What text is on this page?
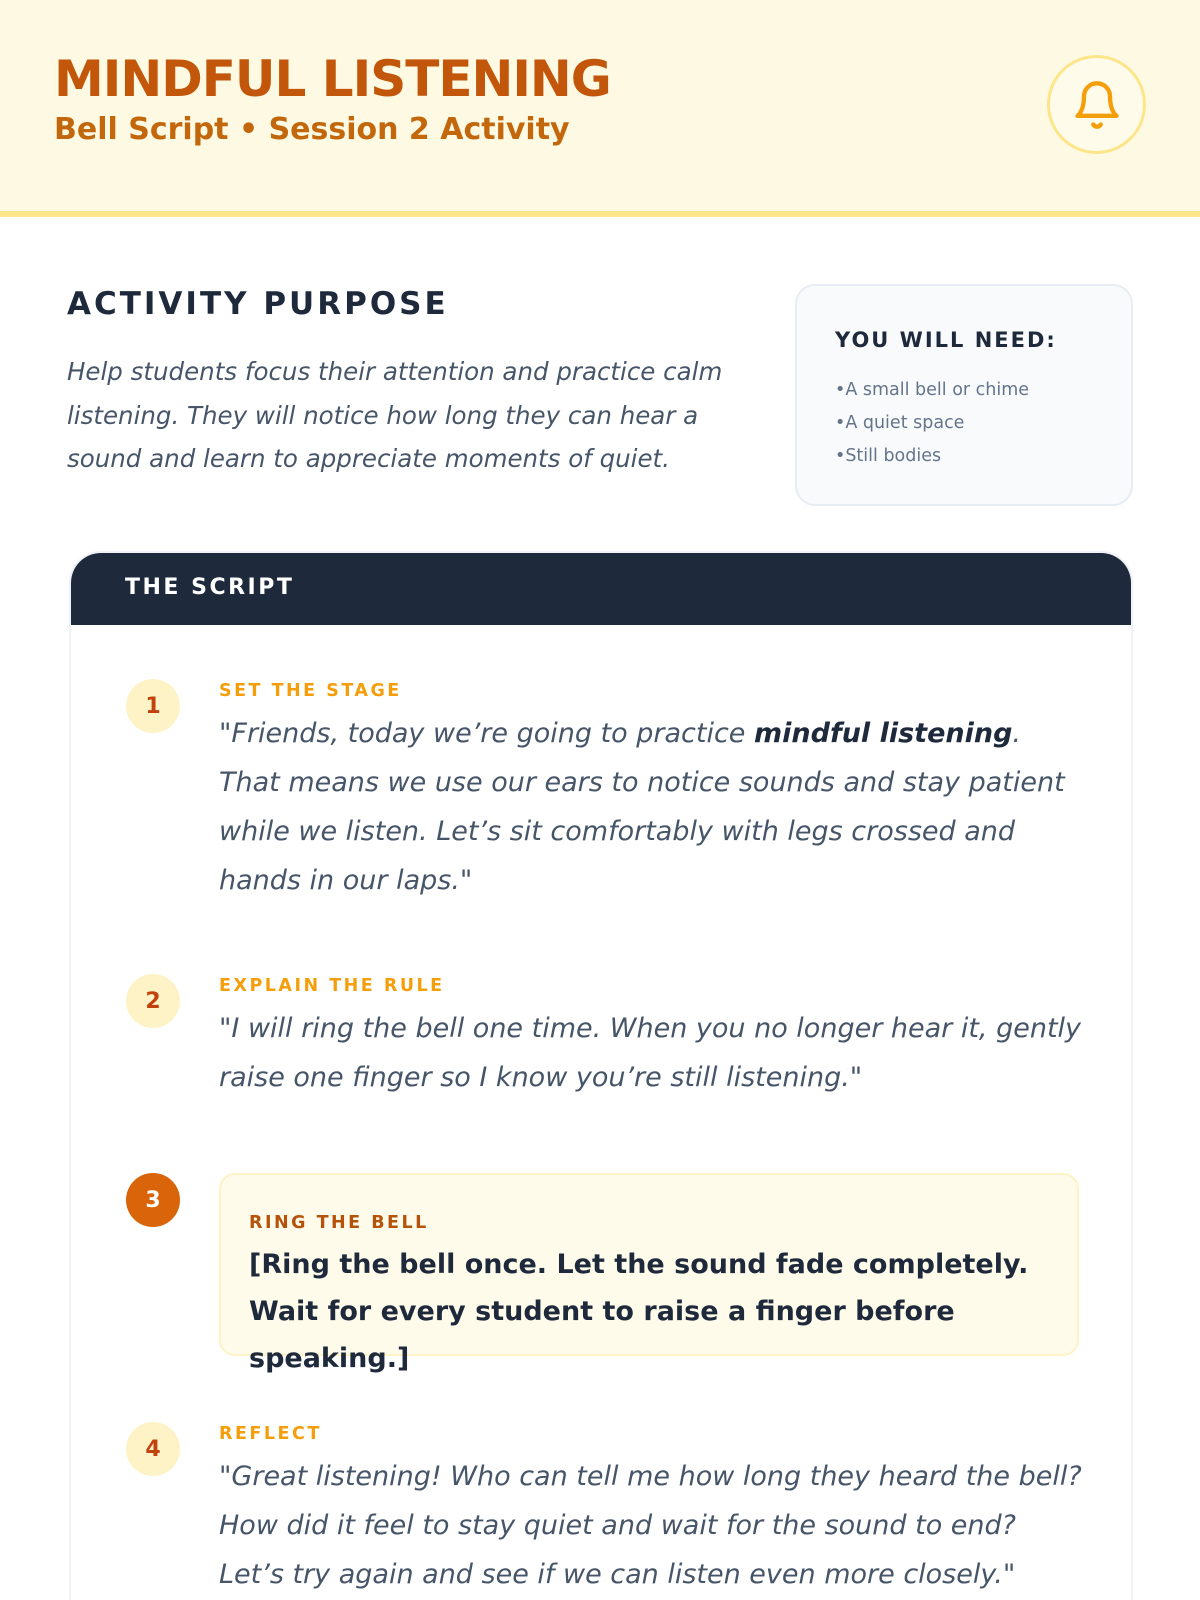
MINDFUL LISTENING
Bell Script • Session 2 Activity
ACTIVITY PURPOSE
Help students focus their attention and practice calm listening. They will notice how long they can hear a sound and learn to appreciate moments of quiet.
YOU WILL NEED:
• A small bell or chime
• A quiet space
• Still bodies
THE SCRIPT
1
SET THE STAGE
"Friends, today we’re going to practice mindful listening. That means we use our ears to notice sounds and stay patient while we listen. Let’s sit comfortably with legs crossed and hands in our laps."
2
EXPLAIN THE RULE
"I will ring the bell one time. When you no longer hear it, gently raise one finger so I know you’re still listening."
3
RING THE BELL
[Ring the bell once. Let the sound fade completely. Wait for every student to raise a finger before speaking.]
4
REFLECT
"Great listening! Who can tell me how long they heard the bell? How did it feel to stay quiet and wait for the sound to end? Let’s try again and see if we can listen even more closely."
